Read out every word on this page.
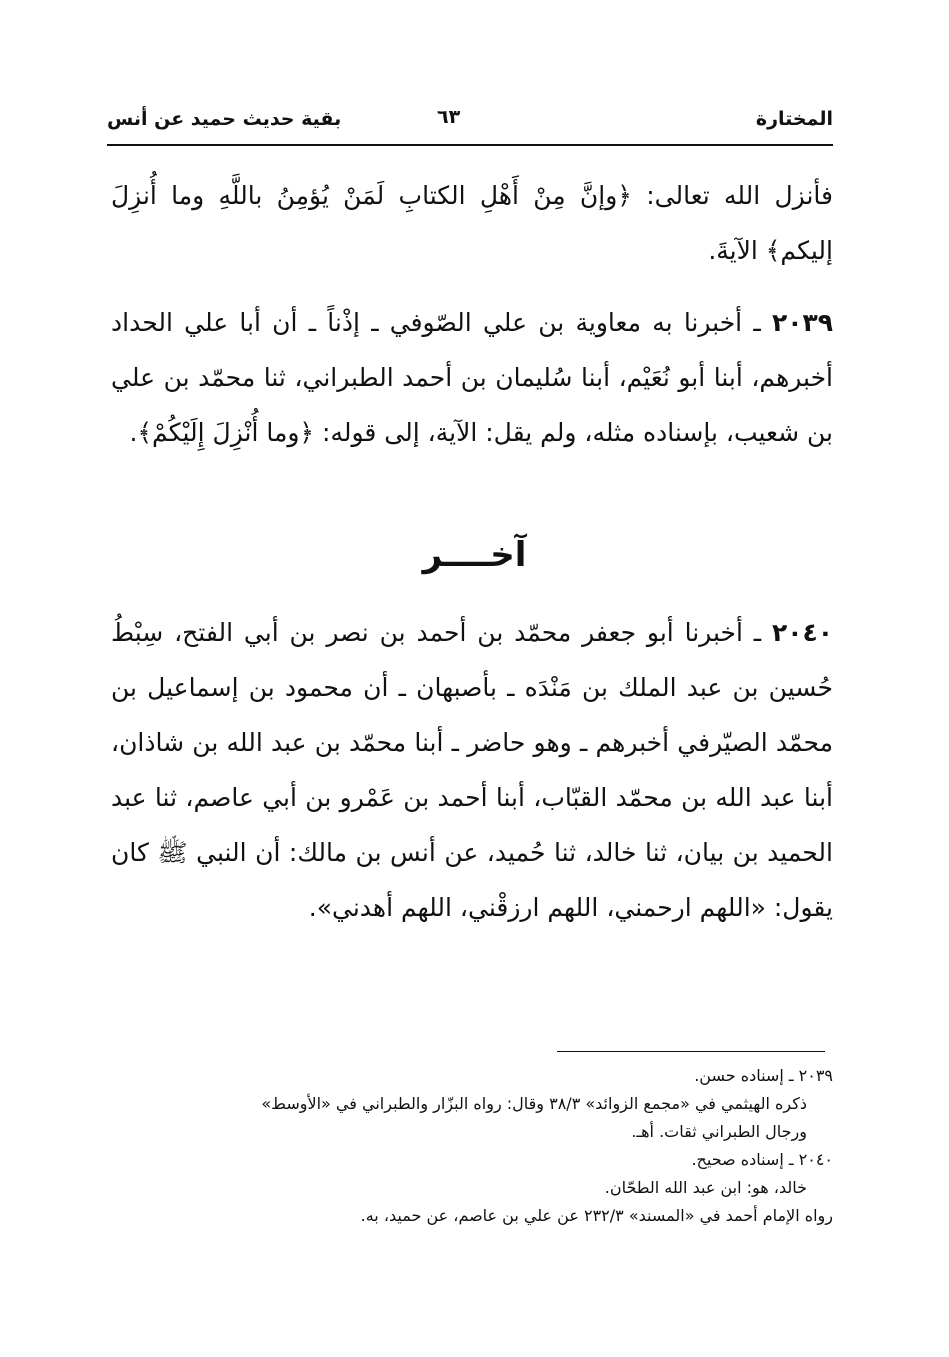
المختارة
٦٣
بقية حديث حميد عن أنس

فأنزل الله تعالى: ﴿وإنَّ مِنْ أَهْلِ الكتابِ لَمَنْ يُؤمِنُ باللَّهِ وما أُنزِلَ إليكم﴾ الآيةَ.

٢٠٣٩ ـ أخبرنا به معاوية بن علي الصّوفي ـ إذْناً ـ أن أبا علي الحداد أخبرهم، أبنا أبو نُعَيْم، أبنا سُليمان بن أحمد الطبراني، ثنا محمّد بن علي بن شعيب، بإسناده مثله، ولم يقل: الآية، إلى قوله: ﴿وما أُنْزِلَ إِلَيْكُمْ﴾.

آخــــر

٢٠٤٠ ـ أخبرنا أبو جعفر محمّد بن أحمد بن نصر بن أبي الفتح، سِبْطُ حُسين بن عبد الملك بن مَنْدَه ـ بأصبهان ـ أن محمود بن إسماعيل بن محمّد الصيّرفي أخبرهم ـ وهو حاضر ـ أبنا محمّد بن عبد الله بن شاذان، أبنا عبد الله بن محمّد القبّاب، أبنا أحمد بن عَمْرو بن أبي عاصم، ثنا عبد الحميد بن بيان، ثنا خالد، ثنا حُميد، عن أنس بن مالك: أن النبي ﷺ كان يقول: «اللهم ارحمني، اللهم ارزقْني، اللهم أهدني».

٢٠٣٩ ـ إسناده حسن.

ذكره الهيثمي في «مجمع الزوائد» ٣٨/٣ وقال: رواه البزّار والطبراني في «الأوسط»

ورجال الطبراني ثقات. أهـ.

٢٠٤٠ ـ إسناده صحيح.

خالد، هو: ابن عبد الله الطحّان.

رواه الإمام أحمد في «المسند» ٢٣٢/٣ عن علي بن عاصم، عن حميد، به.
